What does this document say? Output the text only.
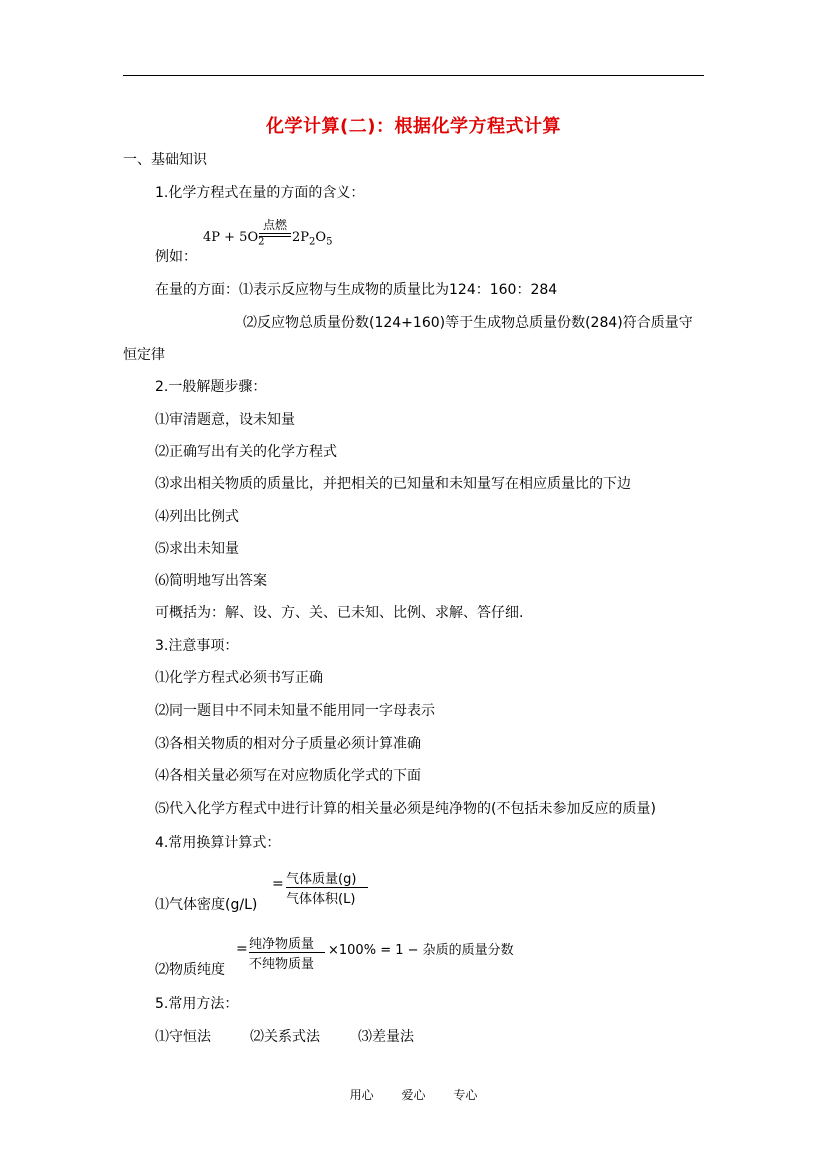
化学计算(二)：根据化学方程式计算
一、基础知识
1.化学方程式在量的方面的含义：
$4P + 5O_2$
点燃
$2P_2O_5$
例如：
在量的方面：⑴表示反应物与生成物的质量比为124：160：284
⑵反应物总质量份数(124+160)等于生成物总质量份数(284)符合质量守
恒定律
2.一般解题步骤：
⑴审清题意，设未知量
⑵正确写出有关的化学方程式
⑶求出相关物质的质量比，并把相关的已知量和未知量写在相应质量比的下边
⑷列出比例式
⑸求出未知量
⑹简明地写出答案
可概括为：解、设、方、关、已未知、比例、求解、答仔细.
3.注意事项：
⑴化学方程式必须书写正确
⑵同一题目中不同未知量不能用同一字母表示
⑶各相关物质的相对分子质量必须计算准确
⑷各相关量必须写在对应物质化学式的下面
⑸代入化学方程式中进行计算的相关量必须是纯净物的(不包括未参加反应的质量)
4.常用换算计算式：
⑴气体密度(g/L)
= 气体质量(g)
气体体积(L)
⑵物质纯度
= 纯净物质量
不纯物质量
×100% = 1 − 杂质的质量分数
5.常用方法：
⑴守恒法	⑵关系式法	⑶差量法
用心 爱心 专心
